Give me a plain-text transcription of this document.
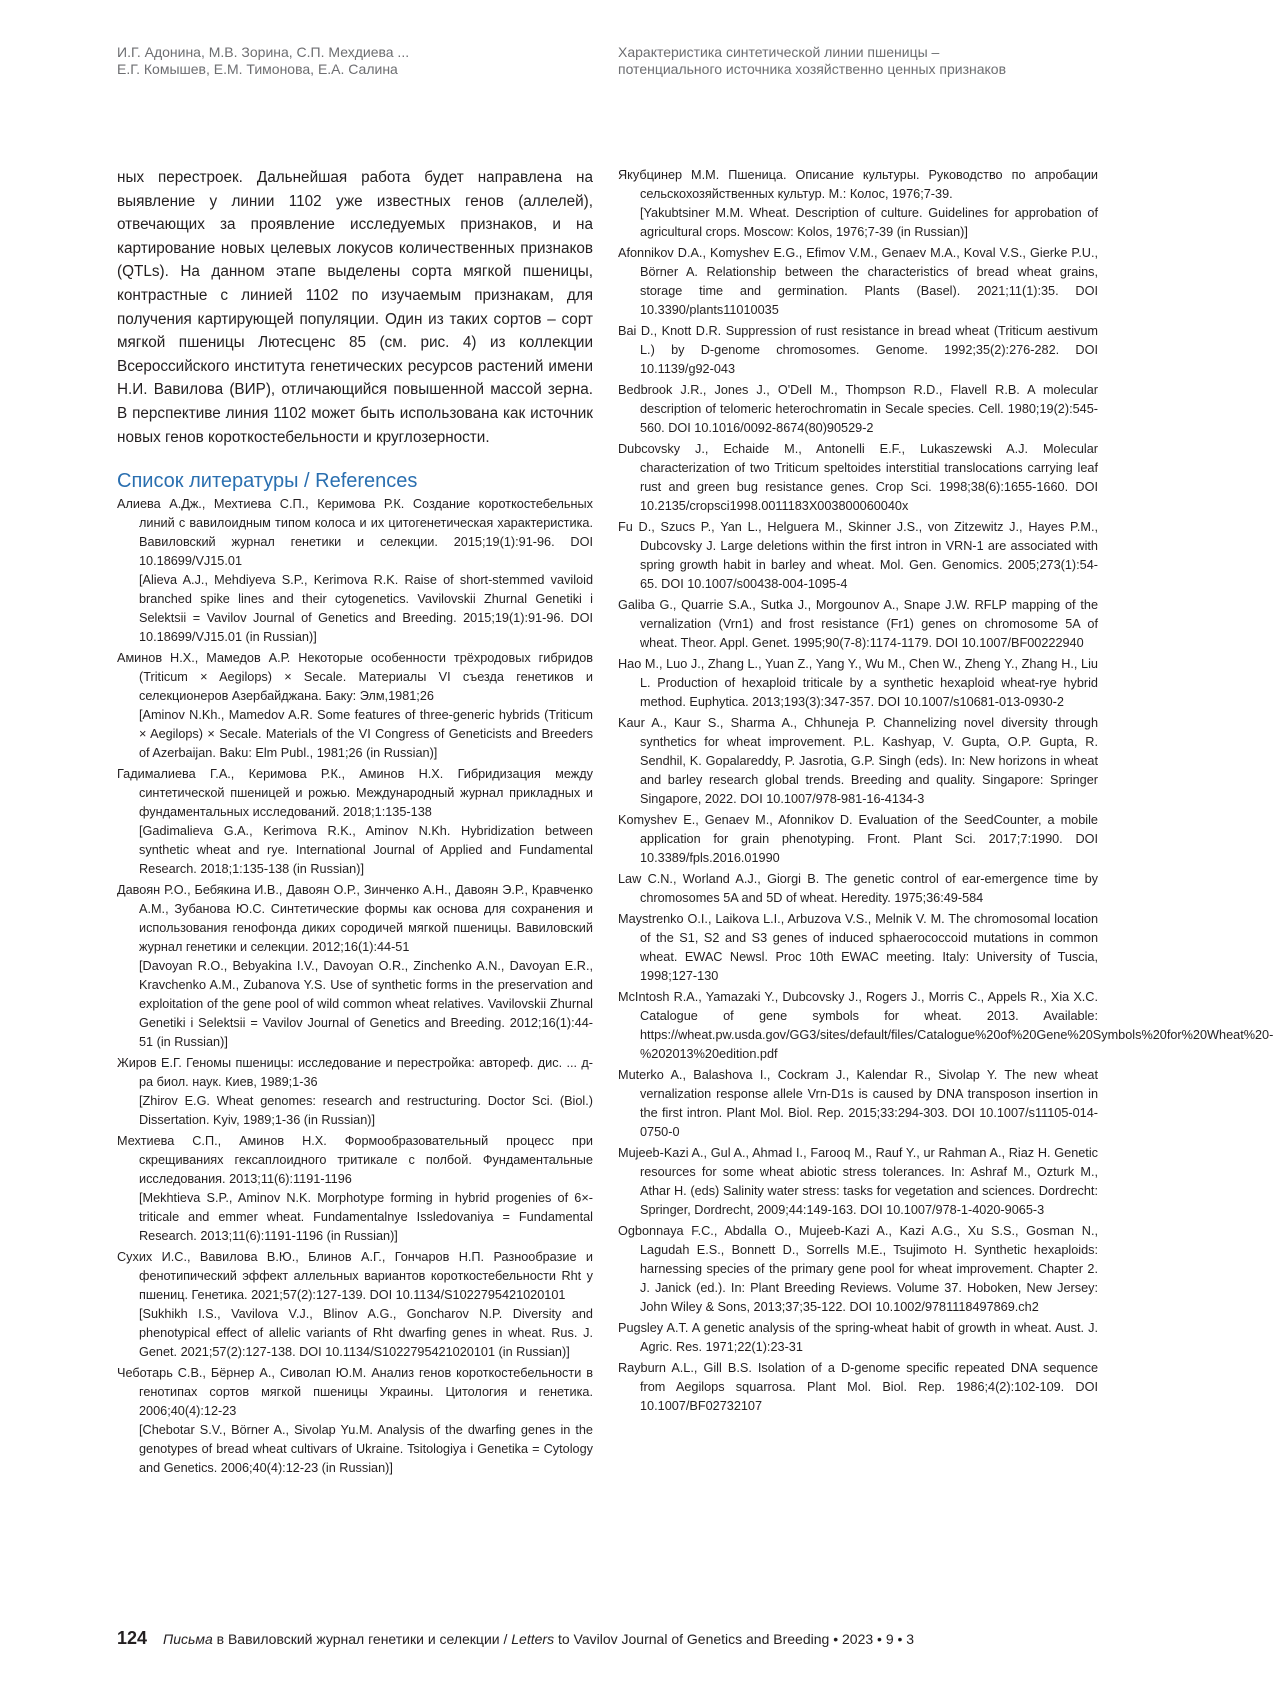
И.Г. Адонина, М.В. Зорина, С.П. Мехдиева ...
Е.Г. Комышев, Е.М. Тимонова, Е.А. Салина
Характеристика синтетической линии пшеницы –
потенциального источника хозяйственно ценных признаков

ных перестроек. Дальнейшая работа будет направлена на выявление у линии 1102 уже известных генов (аллелей), отвечающих за проявление исследуемых признаков, и на картирование новых целевых локусов количественных признаков (QTLs). На данном этапе выделены сорта мягкой пшеницы, контрастные с линией 1102 по изучаемым признакам, для получения картирующей популяции. Один из таких сортов – сорт мягкой пшеницы Лютесценс 85 (см. рис. 4) из коллекции Всероссийского института генетических ресурсов растений имени Н.И. Вавилова (ВИР), отличающийся повышенной массой зерна. В перспективе линия 1102 может быть использована как источник новых генов короткостебельности и круглозерности.

Список литературы / References
Алиева А.Дж., Мехтиева С.П., Керимова Р.К. Создание короткостебельных линий с вавилоидным типом колоса и их цитогенетическая характеристика. Вавиловский журнал генетики и селекции. 2015;19(1):91-96. DOI 10.18699/VJ15.01
[Alieva A.J., Mehdiyeva S.P., Kerimova R.K. Raise of short-stemmed vaviloid branched spike lines and their cytogenetics. Vavilovskii Zhurnal Genetiki i Selektsii = Vavilov Journal of Genetics and Breeding. 2015;19(1):91-96. DOI 10.18699/VJ15.01 (in Russian)]
Аминов Н.Х., Мамедов А.Р. Некоторые особенности трёхродовых гибридов (Triticum × Aegilops) × Secale. Материалы VI съезда генетиков и селекционеров Азербайджана. Баку: Элм,1981;26
[Aminov N.Kh., Mamedov A.R. Some features of three-generic hybrids (Triticum × Aegilops) × Secale. Materials of the VI Congress of Geneticists and Breeders of Azerbaijan. Baku: Elm Publ., 1981;26 (in Russian)]
Гадималиева Г.А., Керимова Р.К., Аминов Н.Х. Гибридизация между синтетической пшеницей и рожью. Международный журнал прикладных и фундаментальных исследований. 2018;1:135-138
[Gadimalieva G.A., Kerimova R.K., Aminov N.Kh. Hybridization between synthetic wheat and rye. International Journal of Applied and Fundamental Research. 2018;1:135-138 (in Russian)]
Давоян Р.О., Бебякина И.В., Давоян О.Р., Зинченко А.Н., Давоян Э.Р., Кравченко А.М., Зубанова Ю.С. Синтетические формы как основа для сохранения и использования генофонда диких сородичей мягкой пшеницы. Вавиловский журнал генетики и селекции. 2012;16(1):44-51
[Davoyan R.O., Bebyakina I.V., Davoyan O.R., Zinchenko A.N., Davoyan E.R., Kravchenko A.M., Zubanova Y.S. Use of synthetic forms in the preservation and exploitation of the gene pool of wild common wheat relatives. Vavilovskii Zhurnal Genetiki i Selektsii = Vavilov Journal of Genetics and Breeding. 2012;16(1):44-51 (in Russian)]
Жиров Е.Г. Геномы пшеницы: исследование и перестройка: автореф. дис. ... д-ра биол. наук. Киев, 1989;1-36
[Zhirov E.G. Wheat genomes: research and restructuring. Doctor Sci. (Biol.) Dissertation. Kyiv, 1989;1-36 (in Russian)]
Мехтиева С.П., Аминов Н.Х. Формообразовательный процесс при скрещиваниях гексаплоидного тритикале с полбой. Фундаментальные исследования. 2013;11(6):1191-1196
[Mekhtieva S.P., Aminov N.K. Morphotype forming in hybrid progenies of 6×-triticale and emmer wheat. Fundamentalnye Issledovaniya = Fundamental Research. 2013;11(6):1191-1196 (in Russian)]
Сухих И.С., Вавилова В.Ю., Блинов А.Г., Гончаров Н.П. Разнообразие и фенотипический эффект аллельных вариантов короткостебельности Rht у пшениц. Генетика. 2021;57(2):127-139. DOI 10.1134/S1022795421020101
[Sukhikh I.S., Vavilova V.J., Blinov A.G., Goncharov N.P. Diversity and phenotypical effect of allelic variants of Rht dwarfing genes in wheat. Rus. J. Genet. 2021;57(2):127-138. DOI 10.1134/S1022795421020101 (in Russian)]
Чеботарь С.В., Бёрнер А., Сиволап Ю.М. Анализ генов короткостебельности в генотипах сортов мягкой пшеницы Украины. Цитология и генетика. 2006;40(4):12-23
[Chebotar S.V., Börner A., Sivolap Yu.M. Analysis of the dwarfing genes in the genotypes of bread wheat cultivars of Ukraine. Tsitologiya i Genetika = Cytology and Genetics. 2006;40(4):12-23 (in Russian)]
Якубцинер М.М. Пшеница. Описание культуры. Руководство по апробации сельскохозяйственных культур. М.: Колос, 1976;7-39.
[Yakubtsiner M.M. Wheat. Description of culture. Guidelines for approbation of agricultural crops. Moscow: Kolos, 1976;7-39 (in Russian)]
Afonnikov D.A., Komyshev E.G., Efimov V.M., Genaev M.A., Koval V.S., Gierke P.U., Börner A. Relationship between the characteristics of bread wheat grains, storage time and germination. Plants (Basel). 2021;11(1):35. DOI 10.3390/plants11010035
Bai D., Knott D.R. Suppression of rust resistance in bread wheat (Triticum aestivum L.) by D-genome chromosomes. Genome. 1992;35(2):276-282. DOI 10.1139/g92-043
Bedbrook J.R., Jones J., O'Dell M., Thompson R.D., Flavell R.B. A molecular description of telomeric heterochromatin in Secale species. Cell. 1980;19(2):545-560. DOI 10.1016/0092-8674(80)90529-2
Dubcovsky J., Echaide M., Antonelli E.F., Lukaszewski A.J. Molecular characterization of two Triticum speltoides interstitial translocations carrying leaf rust and green bug resistance genes. Crop Sci. 1998;38(6):1655-1660. DOI 10.2135/cropsci1998.0011183X003800060040x
Fu D., Szucs P., Yan L., Helguera M., Skinner J.S., von Zitzewitz J., Hayes P.M., Dubcovsky J. Large deletions within the first intron in VRN-1 are associated with spring growth habit in barley and wheat. Mol. Gen. Genomics. 2005;273(1):54-65. DOI 10.1007/s00438-004-1095-4
Galiba G., Quarrie S.A., Sutka J., Morgounov A., Snape J.W. RFLP mapping of the vernalization (Vrn1) and frost resistance (Fr1) genes on chromosome 5A of wheat. Theor. Appl. Genet. 1995;90(7-8):1174-1179. DOI 10.1007/BF00222940
Hao M., Luo J., Zhang L., Yuan Z., Yang Y., Wu M., Chen W., Zheng Y., Zhang H., Liu L. Production of hexaploid triticale by a synthetic hexaploid wheat-rye hybrid method. Euphytica. 2013;193(3):347-357. DOI 10.1007/s10681-013-0930-2
Kaur A., Kaur S., Sharma A., Chhuneja P. Channelizing novel diversity through synthetics for wheat improvement. P.L. Kashyap, V. Gupta, O.P. Gupta, R. Sendhil, K. Gopalareddy, P. Jasrotia, G.P. Singh (eds). In: New horizons in wheat and barley research global trends. Breeding and quality. Singapore: Springer Singapore, 2022. DOI 10.1007/978-981-16-4134-3
Komyshev E., Genaev M., Afonnikov D. Evaluation of the SeedCounter, a mobile application for grain phenotyping. Front. Plant Sci. 2017;7:1990. DOI 10.3389/fpls.2016.01990
Law C.N., Worland A.J., Giorgi B. The genetic control of ear-emergence time by chromosomes 5A and 5D of wheat. Heredity. 1975;36:49-584
Maystrenko O.I., Laikova L.I., Arbuzova V.S., Melnik V. M. The chromosomal location of the S1, S2 and S3 genes of induced sphaerococcoid mutations in common wheat. EWAC Newsl. Proc 10th EWAC meeting. Italy: University of Tuscia, 1998;127-130
McIntosh R.A., Yamazaki Y., Dubcovsky J., Rogers J., Morris C., Appels R., Xia X.C. Catalogue of gene symbols for wheat. 2013. Available: https://wheat.pw.usda.gov/GG3/sites/default/files/Catalogue%20of%20Gene%20Symbols%20for%20Wheat%20-%202013%20edition.pdf
Muterko A., Balashova I., Cockram J., Kalendar R., Sivolap Y. The new wheat vernalization response allele Vrn-D1s is caused by DNA transposon insertion in the first intron. Plant Mol. Biol. Rep. 2015;33:294-303. DOI 10.1007/s11105-014-0750-0
Mujeeb-Kazi A., Gul A., Ahmad I., Farooq M., Rauf Y., ur Rahman A., Riaz H. Genetic resources for some wheat abiotic stress tolerances. In: Ashraf M., Ozturk M., Athar H. (eds) Salinity water stress: tasks for vegetation and sciences. Dordrecht: Springer, Dordrecht, 2009;44:149-163. DOI 10.1007/978-1-4020-9065-3
Ogbonnaya F.C., Abdalla O., Mujeeb-Kazi A., Kazi A.G., Xu S.S., Gosman N., Lagudah E.S., Bonnett D., Sorrells M.E., Tsujimoto H. Synthetic hexaploids: harnessing species of the primary gene pool for wheat improvement. Chapter 2. J. Janick (ed.). In: Plant Breeding Reviews. Volume 37. Hoboken, New Jersey: John Wiley & Sons, 2013;37;35-122. DOI 10.1002/9781118497869.ch2
Pugsley A.T. A genetic analysis of the spring-wheat habit of growth in wheat. Aust. J. Agric. Res. 1971;22(1):23-31
Rayburn A.L., Gill B.S. Isolation of a D-genome specific repeated DNA sequence from Aegilops squarrosa. Plant Mol. Biol. Rep. 1986;4(2):102-109. DOI 10.1007/BF02732107
124 Письма в Вавиловский журнал генетики и селекции / Letters to Vavilov Journal of Genetics and Breeding • 2023 • 9 • 3
